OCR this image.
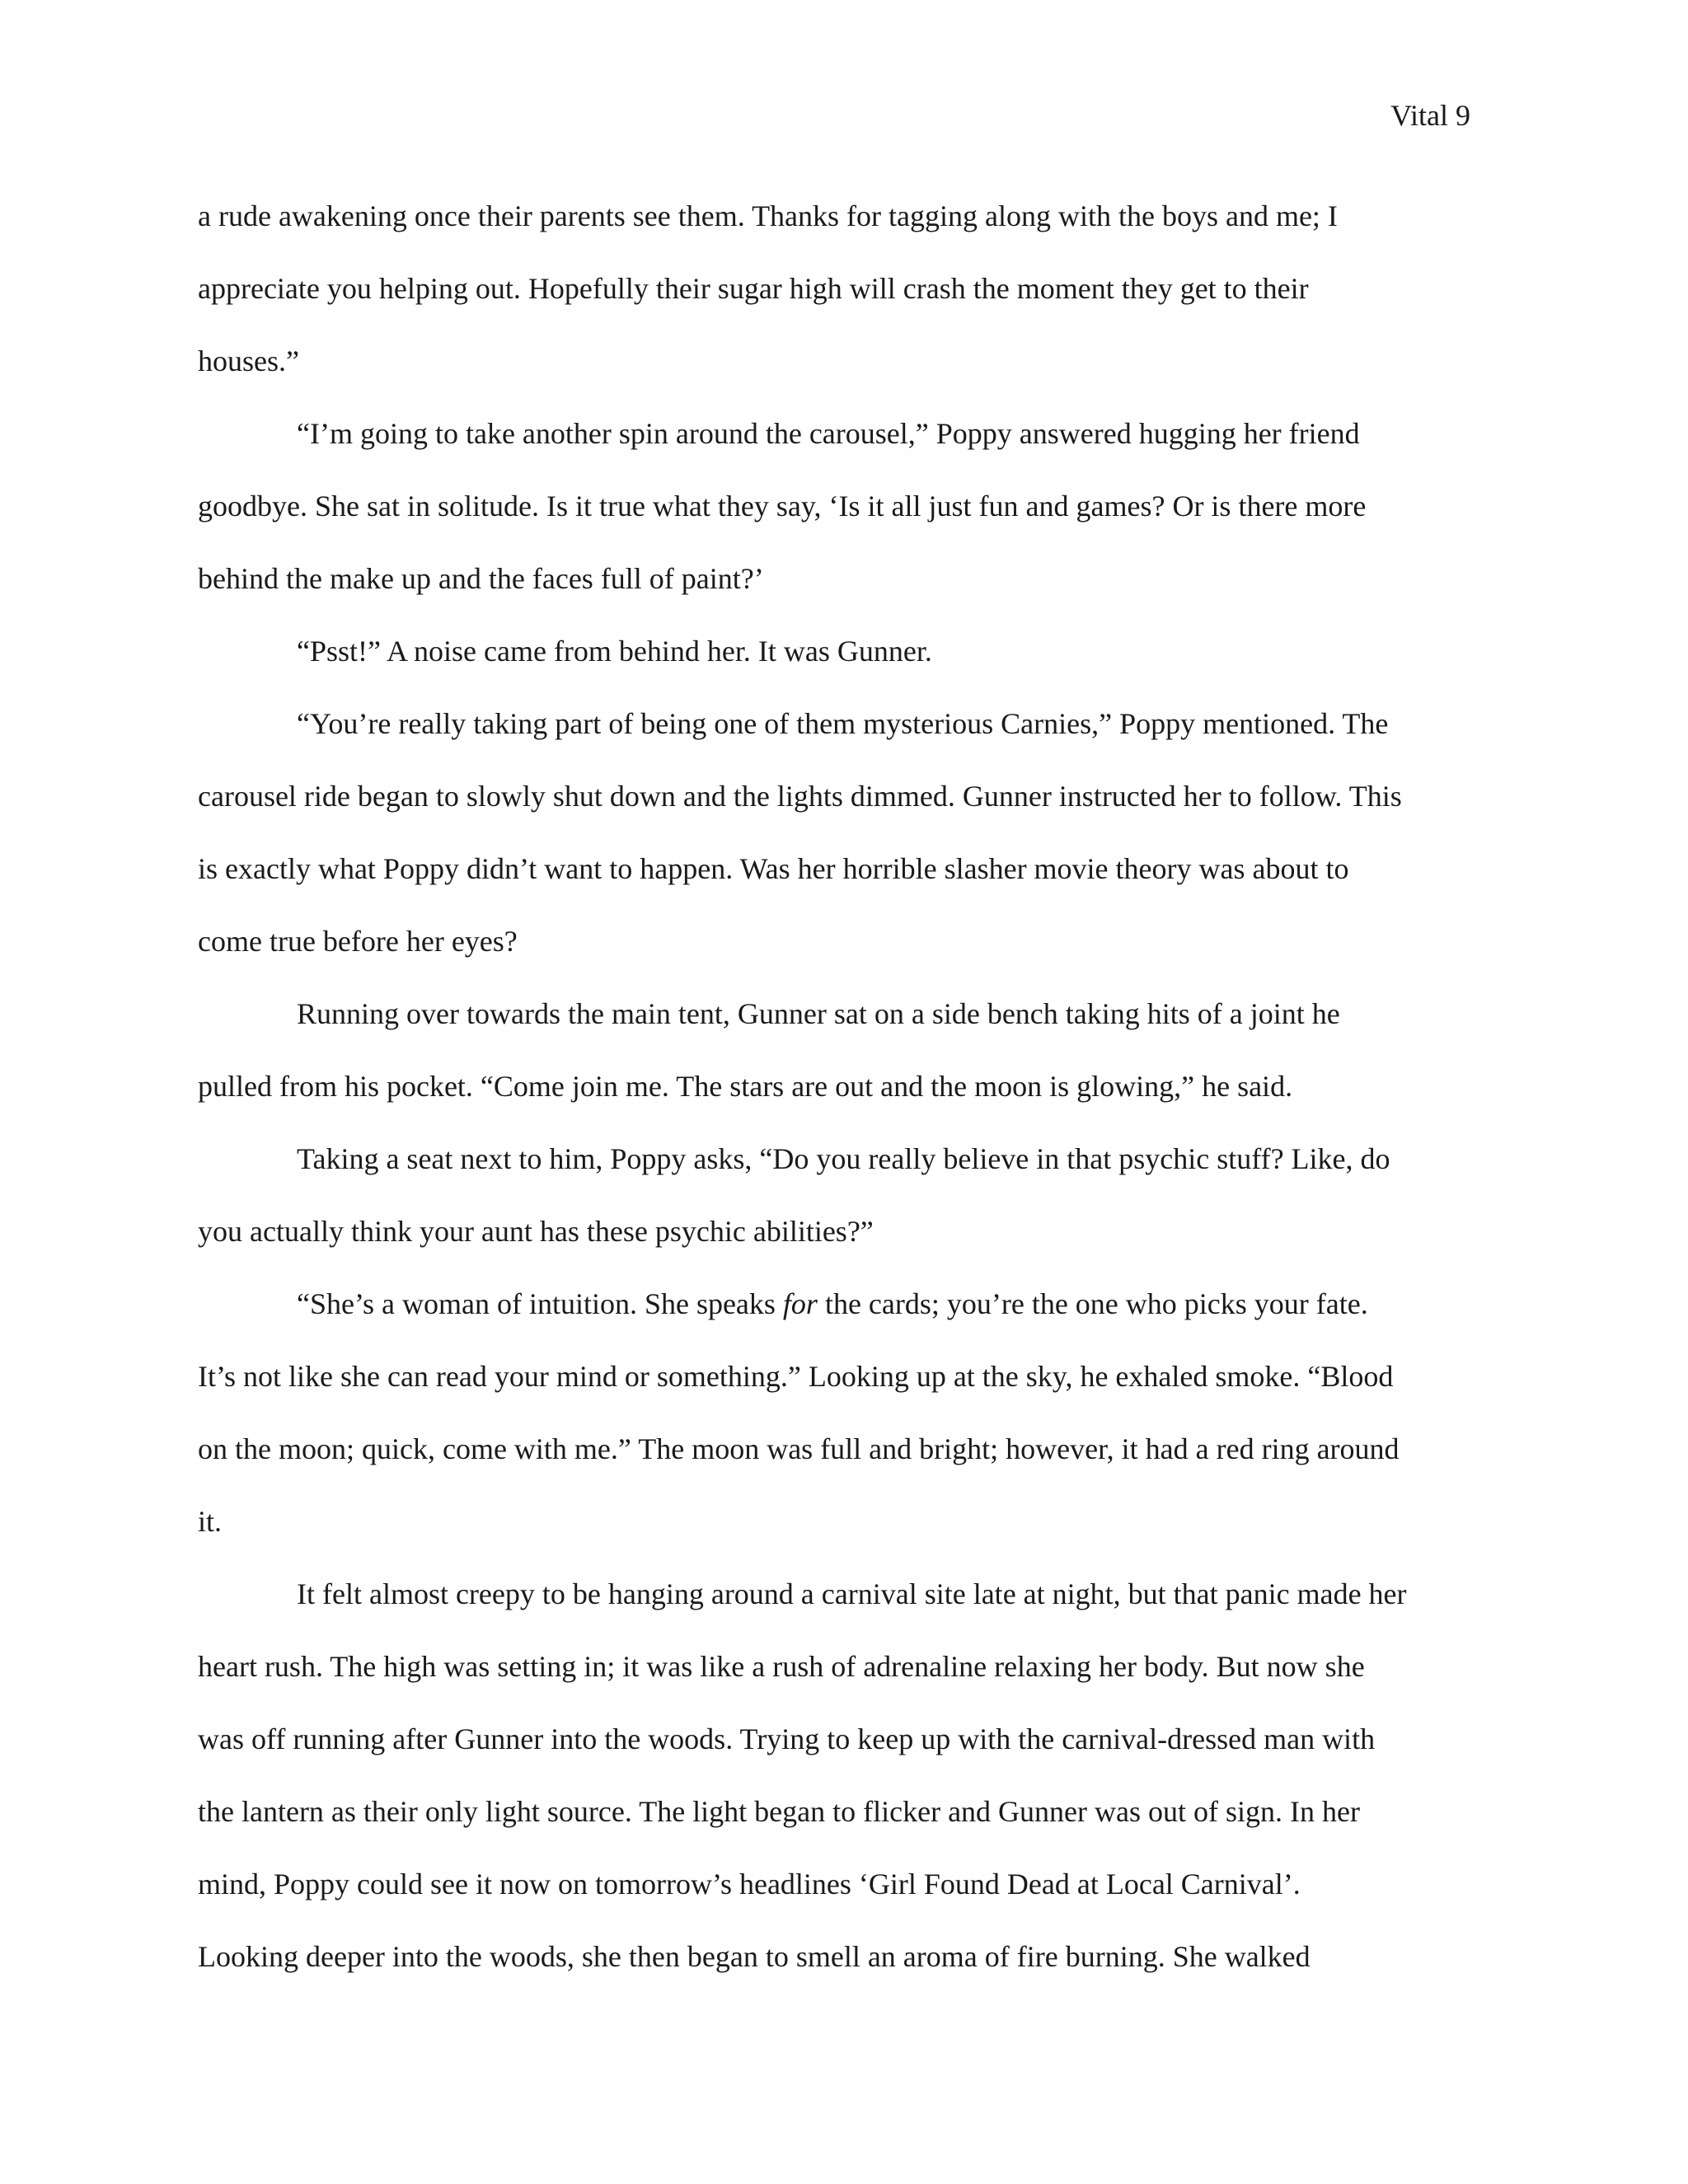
Vital 9
a rude awakening once their parents see them. Thanks for tagging along with the boys and me; I
appreciate you helping out. Hopefully their sugar high will crash the moment they get to their
houses.”
“I’m going to take another spin around the carousel,” Poppy answered hugging her friend
goodbye. She sat in solitude. Is it true what they say, ‘Is it all just fun and games? Or is there more
behind the make up and the faces full of paint?’
“Psst!” A noise came from behind her. It was Gunner.
“You’re really taking part of being one of them mysterious Carnies,” Poppy mentioned. The
carousel ride began to slowly shut down and the lights dimmed. Gunner instructed her to follow. This
is exactly what Poppy didn’t want to happen. Was her horrible slasher movie theory was about to
come true before her eyes?
Running over towards the main tent, Gunner sat on a side bench taking hits of a joint he
pulled from his pocket. “Come join me. The stars are out and the moon is glowing,” he said.
Taking a seat next to him, Poppy asks, “Do you really believe in that psychic stuff? Like, do
you actually think your aunt has these psychic abilities?”
“She’s a woman of intuition. She speaks for the cards; you’re the one who picks your fate.
It’s not like she can read your mind or something.” Looking up at the sky, he exhaled smoke. “Blood
on the moon; quick, come with me.” The moon was full and bright; however, it had a red ring around
it.
It felt almost creepy to be hanging around a carnival site late at night, but that panic made her
heart rush. The high was setting in; it was like a rush of adrenaline relaxing her body. But now she
was off running after Gunner into the woods. Trying to keep up with the carnival-dressed man with
the lantern as their only light source. The light began to flicker and Gunner was out of sign. In her
mind, Poppy could see it now on tomorrow’s headlines ‘Girl Found Dead at Local Carnival’.
Looking deeper into the woods, she then began to smell an aroma of fire burning. She walked
